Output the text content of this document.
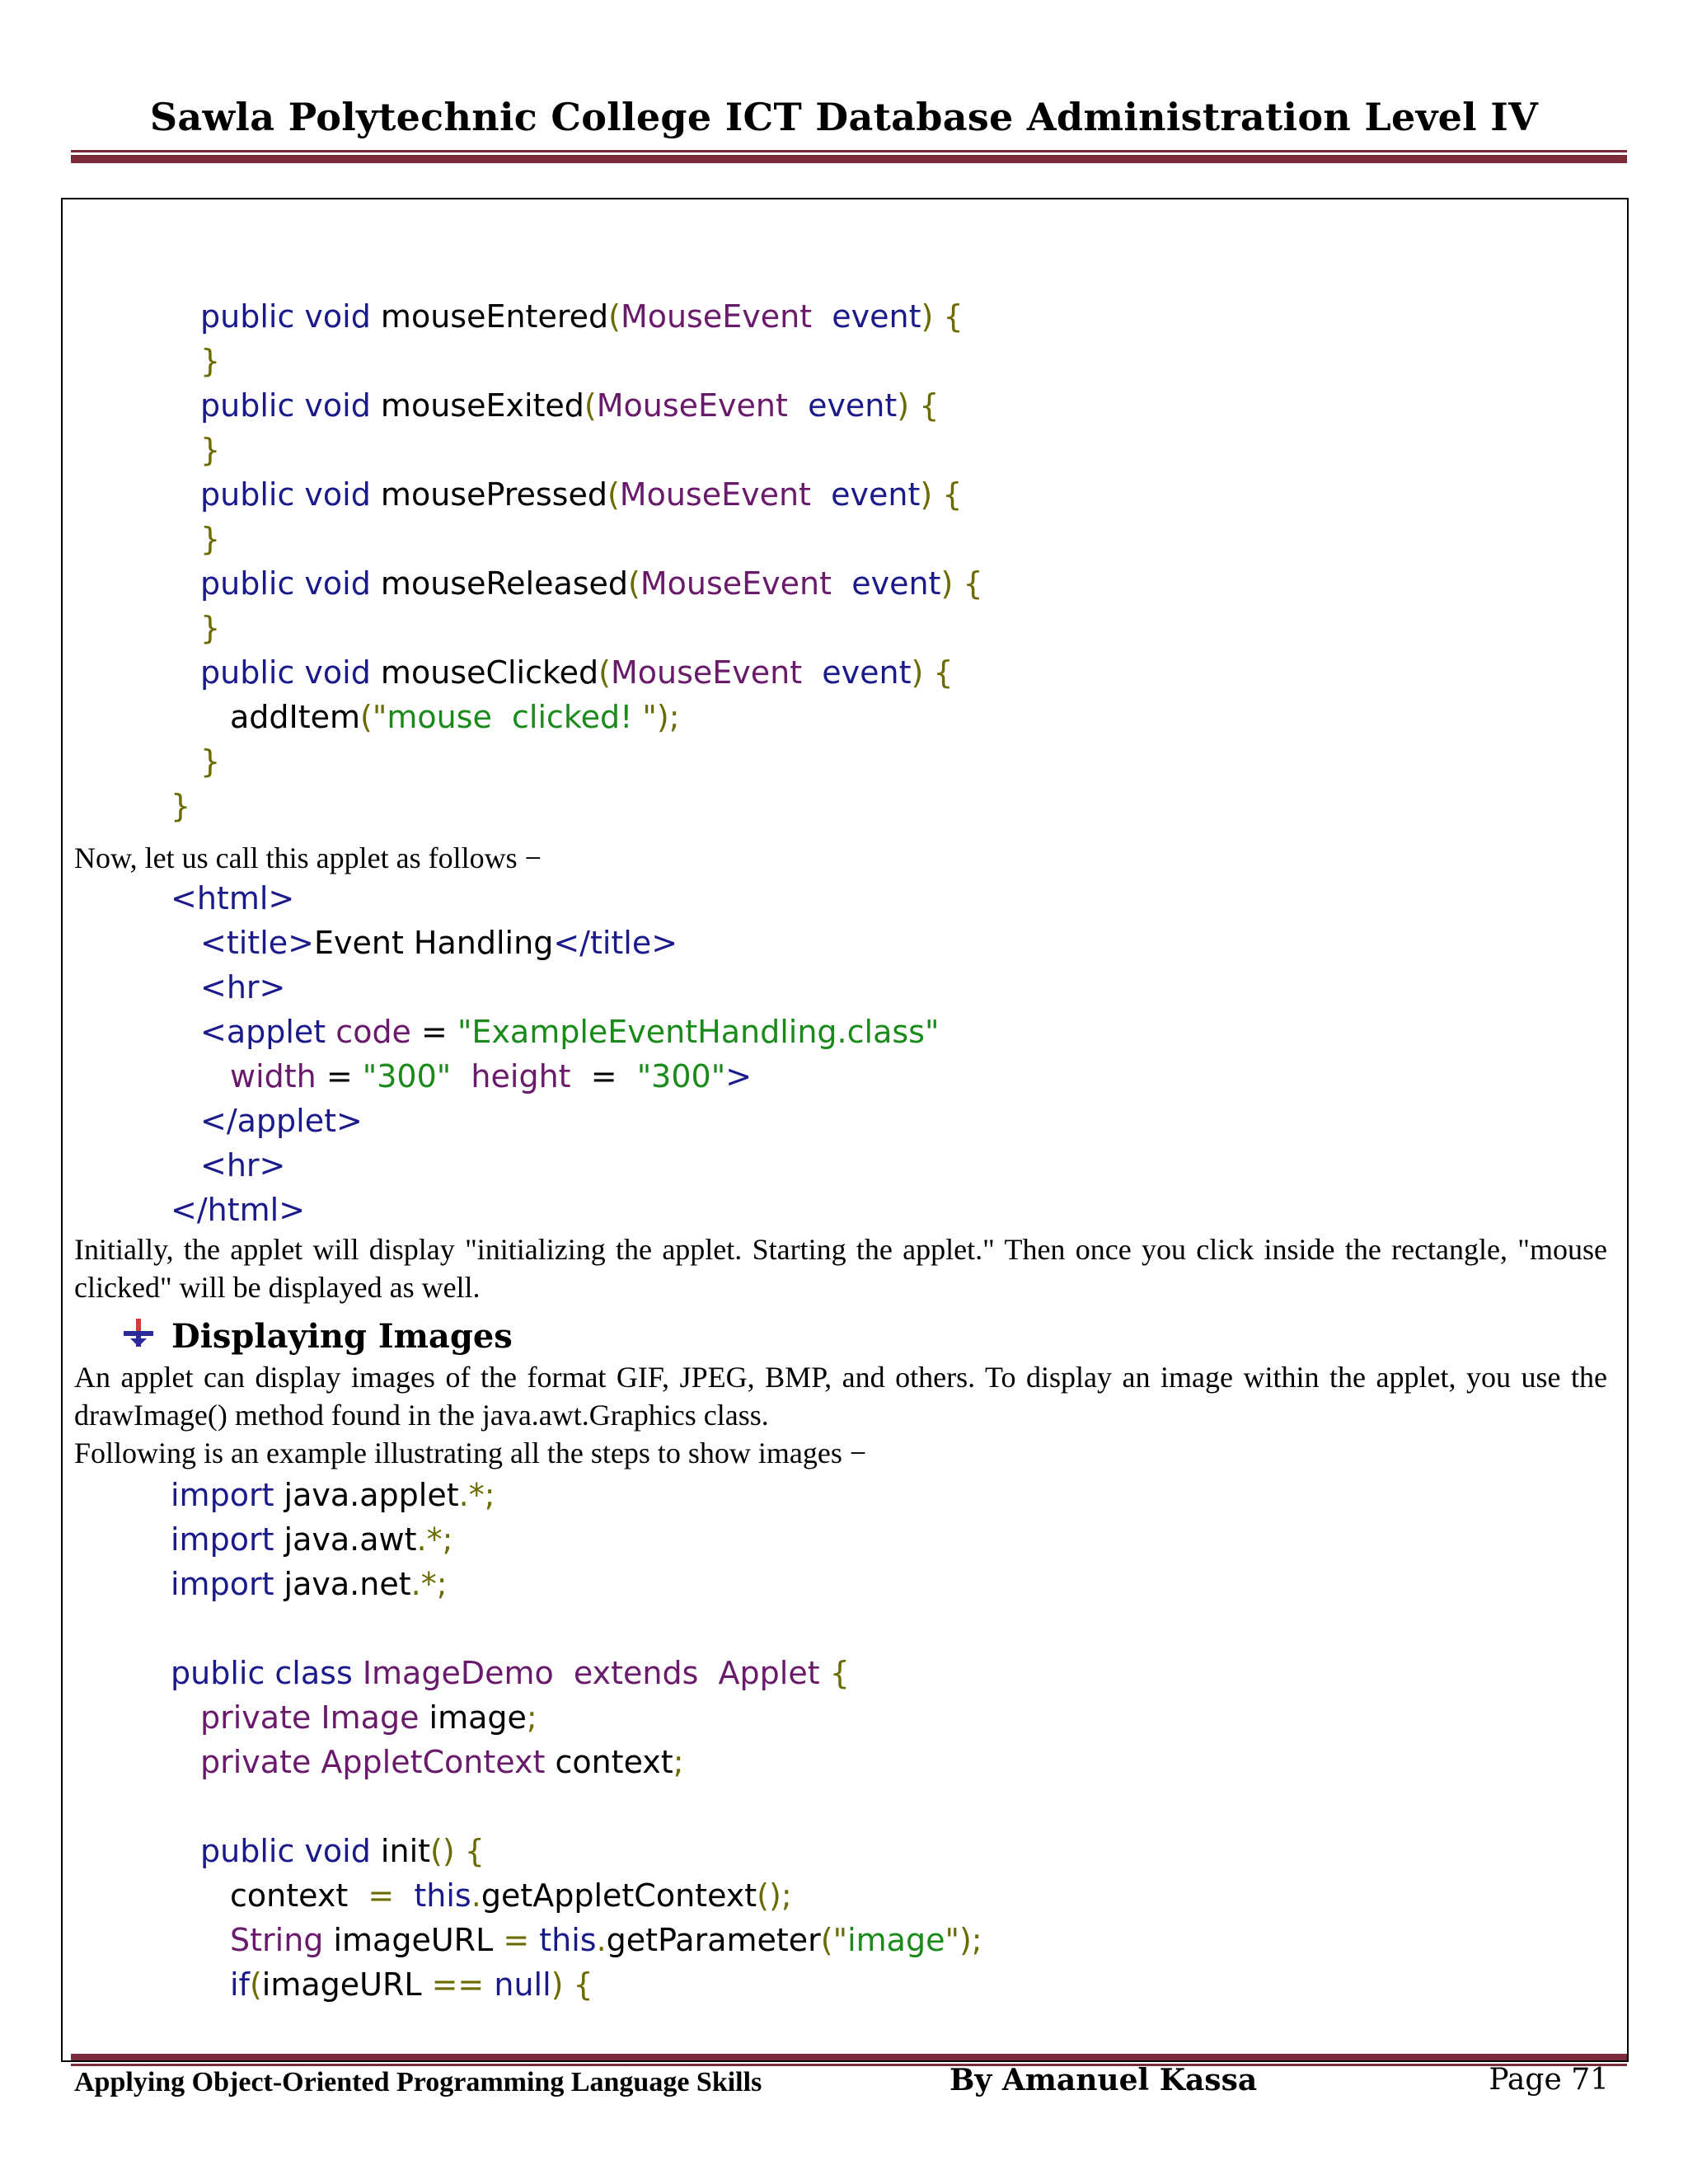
Sawla Polytechnic College ICT Database Administration Level IV
public void mouseEntered(MouseEvent event) {
}
public void mouseExited(MouseEvent event) {
}
public void mousePressed(MouseEvent event) {
}
public void mouseReleased(MouseEvent event) {
}
public void mouseClicked(MouseEvent event) {
addItem("mouse  clicked! ");
}
}
Now, let us call this applet as follows −
<html>
<title>Event Handling</title>
<hr>
<applet code = "ExampleEventHandling.class"
width = "300" height  =  "300">
</applet>
<hr>
</html>
Initially, the applet will display "initializing the applet. Starting the applet." Then once you click inside the rectangle, "mouse clicked" will be displayed as well.
Displaying Images
An applet can display images of the format GIF, JPEG, BMP, and others. To display an image within the applet, you use the drawImage() method found in the java.awt.Graphics class.
Following is an example illustrating all the steps to show images −
import java.applet.*;
import java.awt.*;
import java.net.*;

public class ImageDemo extends  Applet {
private Image image;
private AppletContext context;

public void init() {
context  =  this.getAppletContext();
String imageURL = this.getParameter("image");
if(imageURL == null) {
Applying Object-Oriented Programming Language Skills	By Amanuel Kassa	Page 71
